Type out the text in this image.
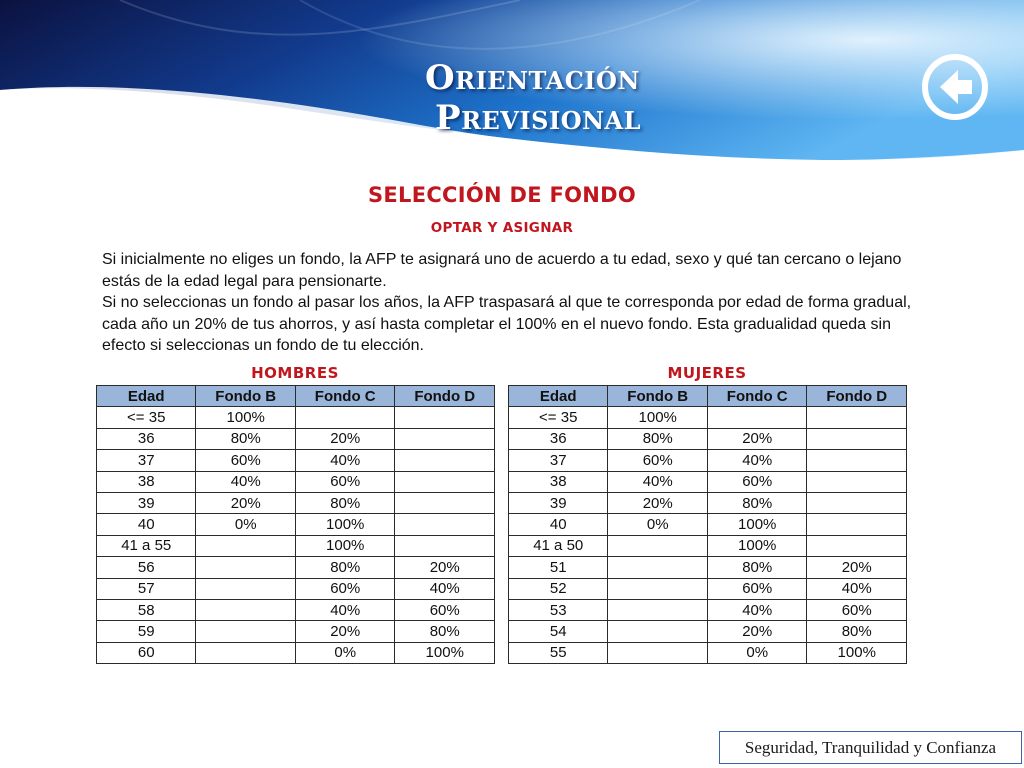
Orientación
Previsional
SELECCIÓN DE FONDO
OPTAR Y ASIGNAR

Si inicialmente no eliges un fondo, la AFP te asignará uno de acuerdo a tu edad, sexo y qué tan cercano o lejano estás de la edad legal para pensionarte.

Si no seleccionas un fondo al pasar los años, la AFP traspasará al que te corresponda por edad de forma gradual, cada año un 20% de tus ahorros, y así hasta completar el 100% en el nuevo fondo. Esta gradualidad queda sin efecto si seleccionas un fondo de tu elección.

HOMBRES	MUJERES
Edad	Fondo B	Fondo C	Fondo D
<= 35	100%		
36	80%	20%	
37	60%	40%	
38	40%	60%	
39	20%	80%	
40	0%	100%	
41 a 55		100%	
56		80%	20%
57		60%	40%
58		40%	60%
59		20%	80%
60		0%	100%
Edad	Fondo B	Fondo C	Fondo D
<= 35	100%		
36	80%	20%	
37	60%	40%	
38	40%	60%	
39	20%	80%	
40	0%	100%	
41 a 50		100%	
51		80%	20%
52		60%	40%
53		40%	60%
54		20%	80%
55		0%	100%
Seguridad, Tranquilidad y Confianza
